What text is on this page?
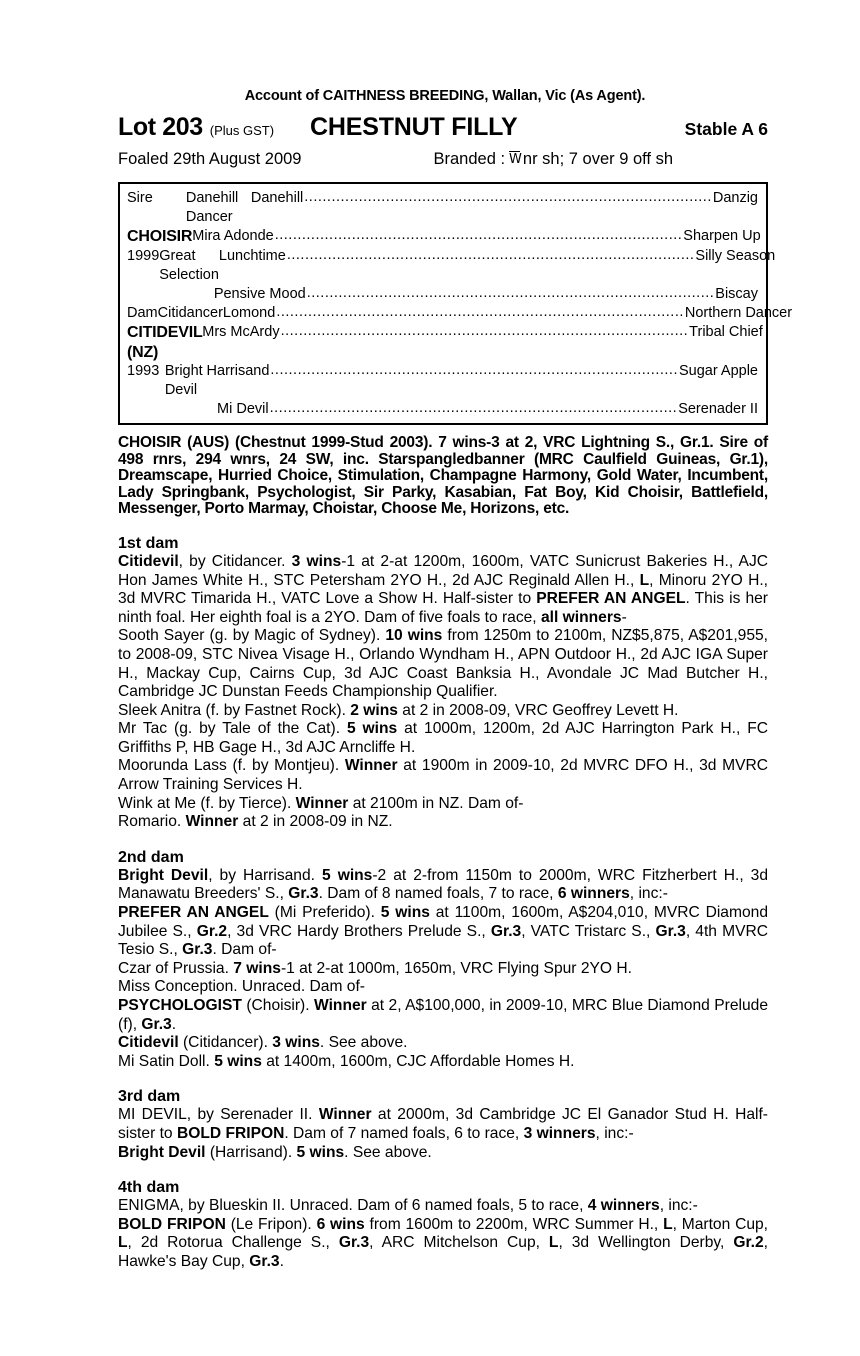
Account of CAITHNESS BREEDING, Wallan, Vic (As Agent).
Lot 203 (Plus GST) CHESTNUT FILLY	Stable A 6
Foaled 29th August 2009	Branded : W nr sh; 7 over 9 off sh
Sire	Danehill Dancer
Danehill .......................................................................................... Danzig
CHOISIR Mira Adonde .......................................................................................... Sharpen Up
1999 Great Selection
Lunchtime .......................................................................................... Silly Season
Pensive Mood .......................................................................................... Biscay
Dam Citidancer Lomond .......................................................................................... Northern Dancer
CITIDEVIL (NZ)
Mrs McArdy .......................................................................................... Tribal Chief
1993 Bright Devil
Harrisand .......................................................................................... Sugar Apple
Mi Devil .......................................................................................... Serenader II
CHOISIR (AUS) (Chestnut 1999-Stud 2003). 7 wins-3 at 2, VRC Lightning S., Gr.1. Sire of 498 rnrs, 294 wnrs, 24 SW, inc. Starspangledbanner (MRC Caulfield Guineas, Gr.1), Dreamscape, Hurried Choice, Stimulation, Champagne Harmony, Gold Water, Incumbent, Lady Springbank, Psychologist, Sir Parky, Kasabian, Fat Boy, Kid Choisir, Battlefield, Messenger, Porto Marmay, Choistar, Choose Me, Horizons, etc.
1st dam

Citidevil, by Citidancer. 3 wins-1 at 2-at 1200m, 1600m, VATC Sunicrust Bakeries H., AJC Hon James White H., STC Petersham 2YO H., 2d AJC Reginald Allen H., L, Minoru 2YO H., 3d MVRC Timarida H., VATC Love a Show H. Half-sister to PREFER AN ANGEL. This is her ninth foal. Her eighth foal is a 2YO. Dam of five foals to race, all winners-

Sooth Sayer (g. by Magic of Sydney). 10 wins from 1250m to 2100m, NZ$5,875, A$201,955, to 2008-09, STC Nivea Visage H., Orlando Wyndham H., APN Outdoor H., 2d AJC IGA Super H., Mackay Cup, Cairns Cup, 3d AJC Coast Banksia H., Avondale JC Mad Butcher H., Cambridge JC Dunstan Feeds Championship Qualifier.

Sleek Anitra (f. by Fastnet Rock). 2 wins at 2 in 2008-09, VRC Geoffrey Levett H.

Mr Tac (g. by Tale of the Cat). 5 wins at 1000m, 1200m, 2d AJC Harrington Park H., FC Griffiths P, HB Gage H., 3d AJC Arncliffe H.

Moorunda Lass (f. by Montjeu). Winner at 1900m in 2009-10, 2d MVRC DFO H., 3d MVRC Arrow Training Services H.

Wink at Me (f. by Tierce). Winner at 2100m in NZ. Dam of-

Romario. Winner at 2 in 2008-09 in NZ.

2nd dam

Bright Devil, by Harrisand. 5 wins-2 at 2-from 1150m to 2000m, WRC Fitzherbert H., 3d Manawatu Breeders' S., Gr.3. Dam of 8 named foals, 7 to race, 6 winners, inc:-

PREFER AN ANGEL (Mi Preferido). 5 wins at 1100m, 1600m, A$204,010, MVRC Diamond Jubilee S., Gr.2, 3d VRC Hardy Brothers Prelude S., Gr.3, VATC Tristarc S., Gr.3, 4th MVRC Tesio S., Gr.3. Dam of-

Czar of Prussia. 7 wins-1 at 2-at 1000m, 1650m, VRC Flying Spur 2YO H.

Miss Conception. Unraced. Dam of-

PSYCHOLOGIST (Choisir). Winner at 2, A$100,000, in 2009-10, MRC Blue Diamond Prelude (f), Gr.3.

Citidevil (Citidancer). 3 wins. See above.

Mi Satin Doll. 5 wins at 1400m, 1600m, CJC Affordable Homes H.

3rd dam

MI DEVIL, by Serenader II. Winner at 2000m, 3d Cambridge JC El Ganador Stud H. Half-sister to BOLD FRIPON. Dam of 7 named foals, 6 to race, 3 winners, inc:-

Bright Devil (Harrisand). 5 wins. See above.

4th dam

ENIGMA, by Blueskin II. Unraced. Dam of 6 named foals, 5 to race, 4 winners, inc:-

BOLD FRIPON (Le Fripon). 6 wins from 1600m to 2200m, WRC Summer H., L, Marton Cup, L, 2d Rotorua Challenge S., Gr.3, ARC Mitchelson Cup, L, 3d Wellington Derby, Gr.2, Hawke's Bay Cup, Gr.3.
